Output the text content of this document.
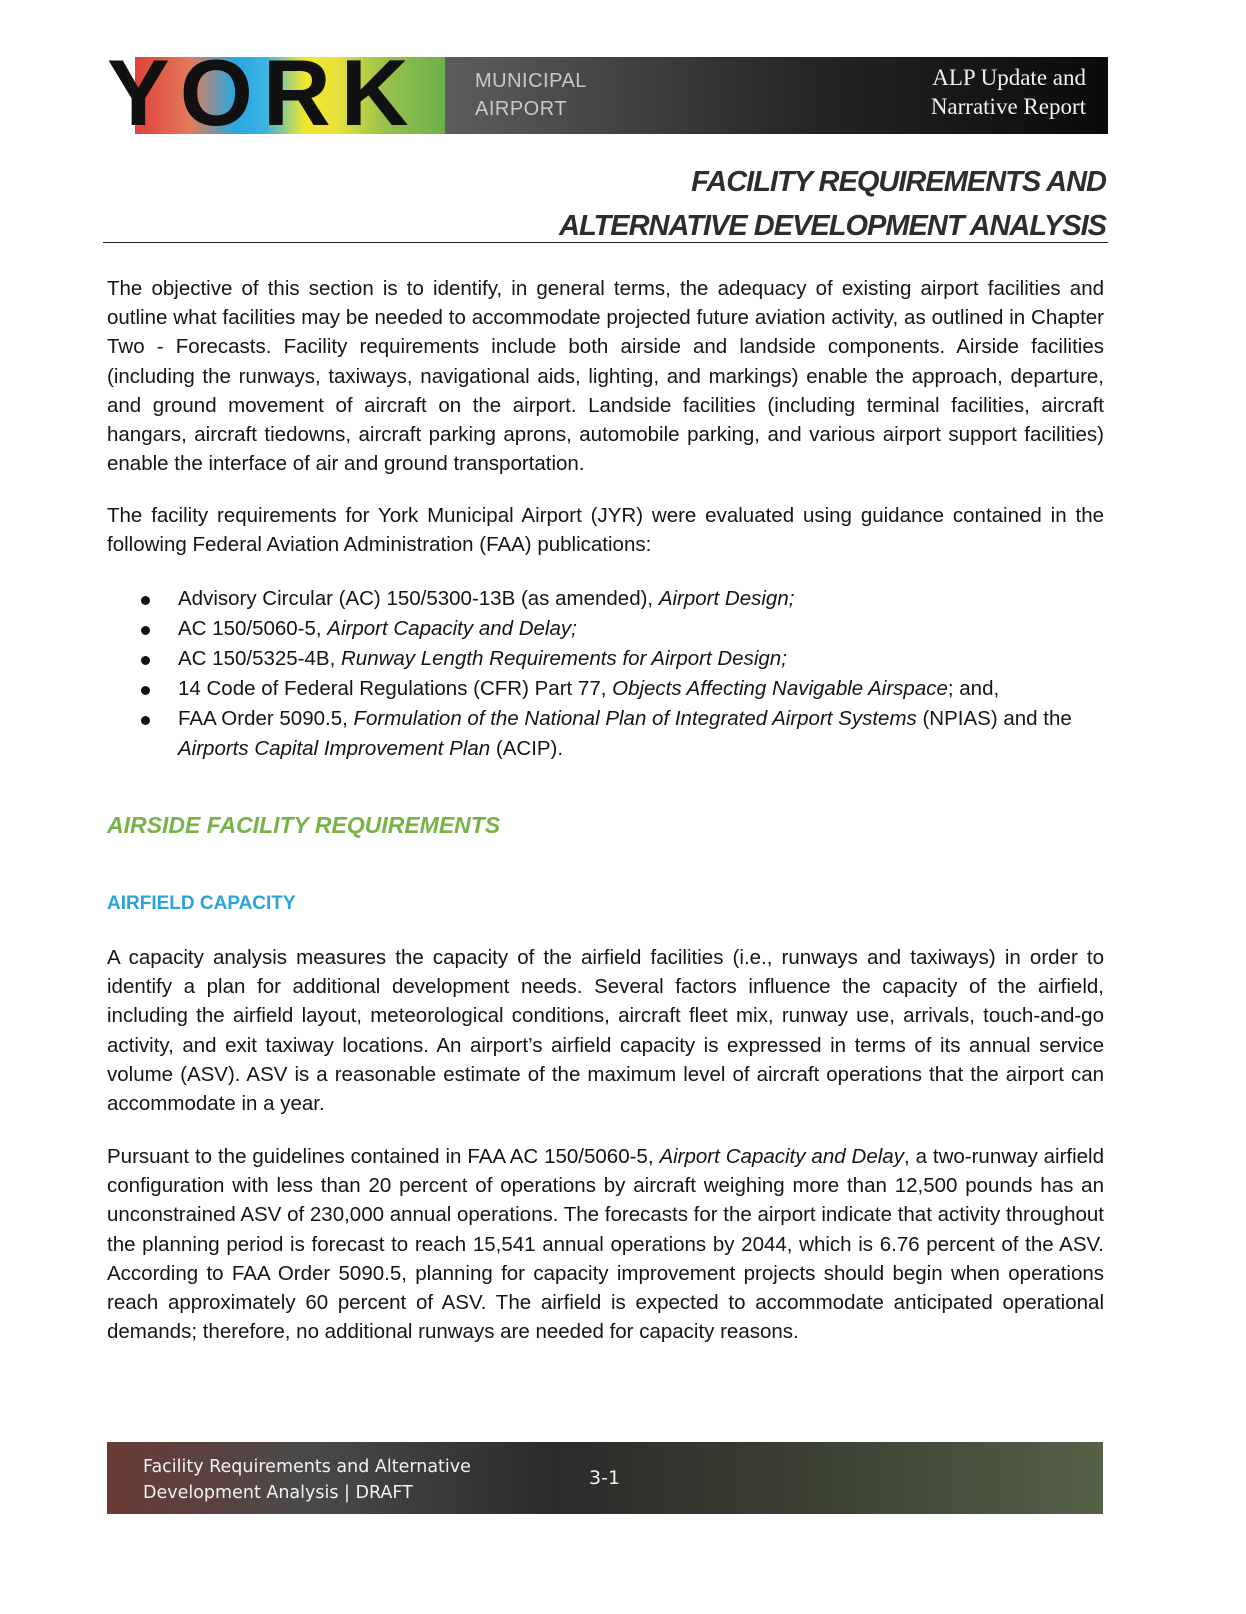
YORK	MUNICIPAL
AIRPORT
ALP Update and
Narrative Report
FACILITY REQUIREMENTS AND
ALTERNATIVE DEVELOPMENT ANALYSIS
The objective of this section is to identify, in general terms, the adequacy of existing airport facilities and outline what facilities may be needed to accommodate projected future aviation activity, as outlined in Chapter Two - Forecasts. Facility requirements include both airside and landside components. Airside facilities (including the runways, taxiways, navigational aids, lighting, and markings) enable the approach, departure, and ground movement of aircraft on the airport. Landside facilities (including terminal facilities, aircraft hangars, aircraft tiedowns, aircraft parking aprons, automobile parking, and various airport support facilities) enable the interface of air and ground transportation.
The facility requirements for York Municipal Airport (JYR) were evaluated using guidance contained in the following Federal Aviation Administration (FAA) publications:
Advisory Circular (AC) 150/5300-13B (as amended), Airport Design;
AC 150/5060-5, Airport Capacity and Delay;
AC 150/5325-4B, Runway Length Requirements for Airport Design;
14 Code of Federal Regulations (CFR) Part 77, Objects Affecting Navigable Airspace; and,
FAA Order 5090.5, Formulation of the National Plan of Integrated Airport Systems (NPIAS) and the Airports Capital Improvement Plan (ACIP).
AIRSIDE FACILITY REQUIREMENTS
AIRFIELD CAPACITY
A capacity analysis measures the capacity of the airfield facilities (i.e., runways and taxiways) in order to identify a plan for additional development needs. Several factors influence the capacity of the airfield, including the airfield layout, meteorological conditions, aircraft fleet mix, runway use, arrivals, touch-and-go activity, and exit taxiway locations. An airport’s airfield capacity is expressed in terms of its annual service volume (ASV). ASV is a reasonable estimate of the maximum level of aircraft operations that the airport can accommodate in a year.
Pursuant to the guidelines contained in FAA AC 150/5060-5, Airport Capacity and Delay, a two-runway airfield configuration with less than 20 percent of operations by aircraft weighing more than 12,500 pounds has an unconstrained ASV of 230,000 annual operations. The forecasts for the airport indicate that activity throughout the planning period is forecast to reach 15,541 annual operations by 2044, which is 6.76 percent of the ASV. According to FAA Order 5090.5, planning for capacity improvement projects should begin when operations reach approximately 60 percent of ASV. The airfield is expected to accommodate anticipated operational demands; therefore, no additional runways are needed for capacity reasons.
Facility Requirements and Alternative
Development Analysis | DRAFT
3-1
